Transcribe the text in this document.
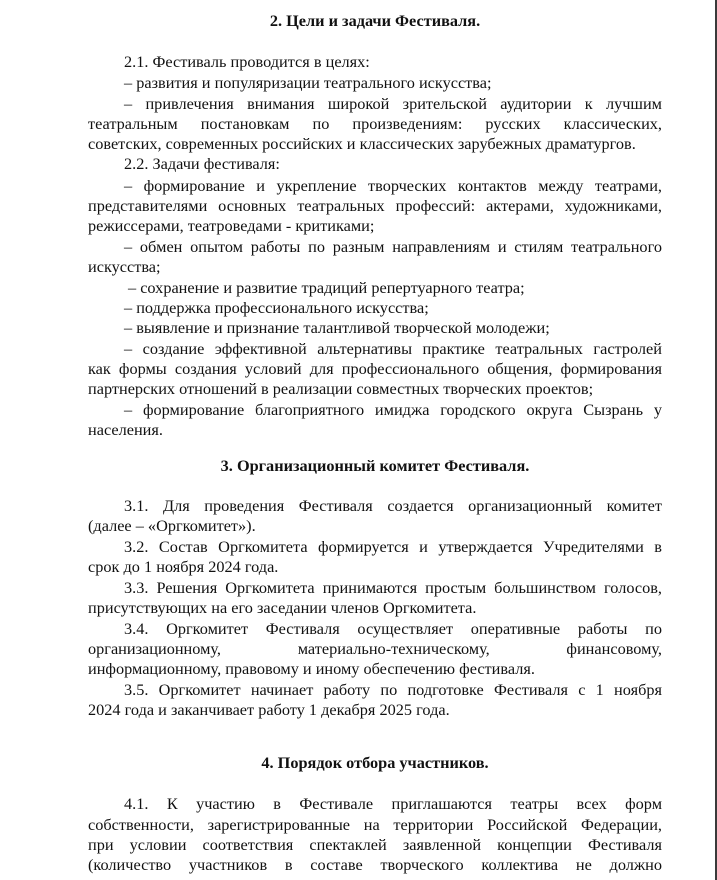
2. Цели и задачи Фестиваля.

2.1. Фестиваль проводится в целях:

– развития и популяризации театрального искусства;

– привлечения внимания широкой зрительской аудитории к лучшим

театральным постановкам по произведениям: русских классических,

советских, современных российских и классических зарубежных драматургов.

2.2. Задачи фестиваля:

– формирование и укрепление творческих контактов между театрами,

представителями основных театральных профессий: актерами, художниками,

режиссерами, театроведами - критиками;

– обмен опытом работы по разным направлениям и стилям театрального

искусства;

– сохранение и развитие традиций репертуарного театра;

– поддержка профессионального искусства;

– выявление и признание талантливой творческой молодежи;

– создание эффективной альтернативы практике театральных гастролей

как формы создания условий для профессионального общения, формирования

партнерских отношений в реализации совместных творческих проектов;

– формирование благоприятного имиджа городского округа Сызрань у

населения.

3. Организационный комитет Фестиваля.

3.1. Для проведения Фестиваля создается организационный комитет

(далее – «Оргкомитет»).

3.2. Состав Оргкомитета формируется и утверждается Учредителями в

срок до 1 ноября 2024 года.

3.3. Решения Оргкомитета принимаются простым большинством голосов,

присутствующих на его заседании членов Оргкомитета.

3.4. Оргкомитет Фестиваля осуществляет оперативные работы по

организационному,	материально-техническому,	финансовому,

информационному, правовому и иному обеспечению фестиваля.

3.5. Оргкомитет начинает работу по подготовке Фестиваля с 1 ноября

2024 года и заканчивает работу 1 декабря 2025 года.

4. Порядок отбора участников.

4.1. К участию в Фестивале приглашаются театры всех форм

собственности, зарегистрированные на территории Российской Федерации,

при условии соответствия спектаклей заявленной концепции Фестиваля

(количество участников в составе творческого коллектива не должно
